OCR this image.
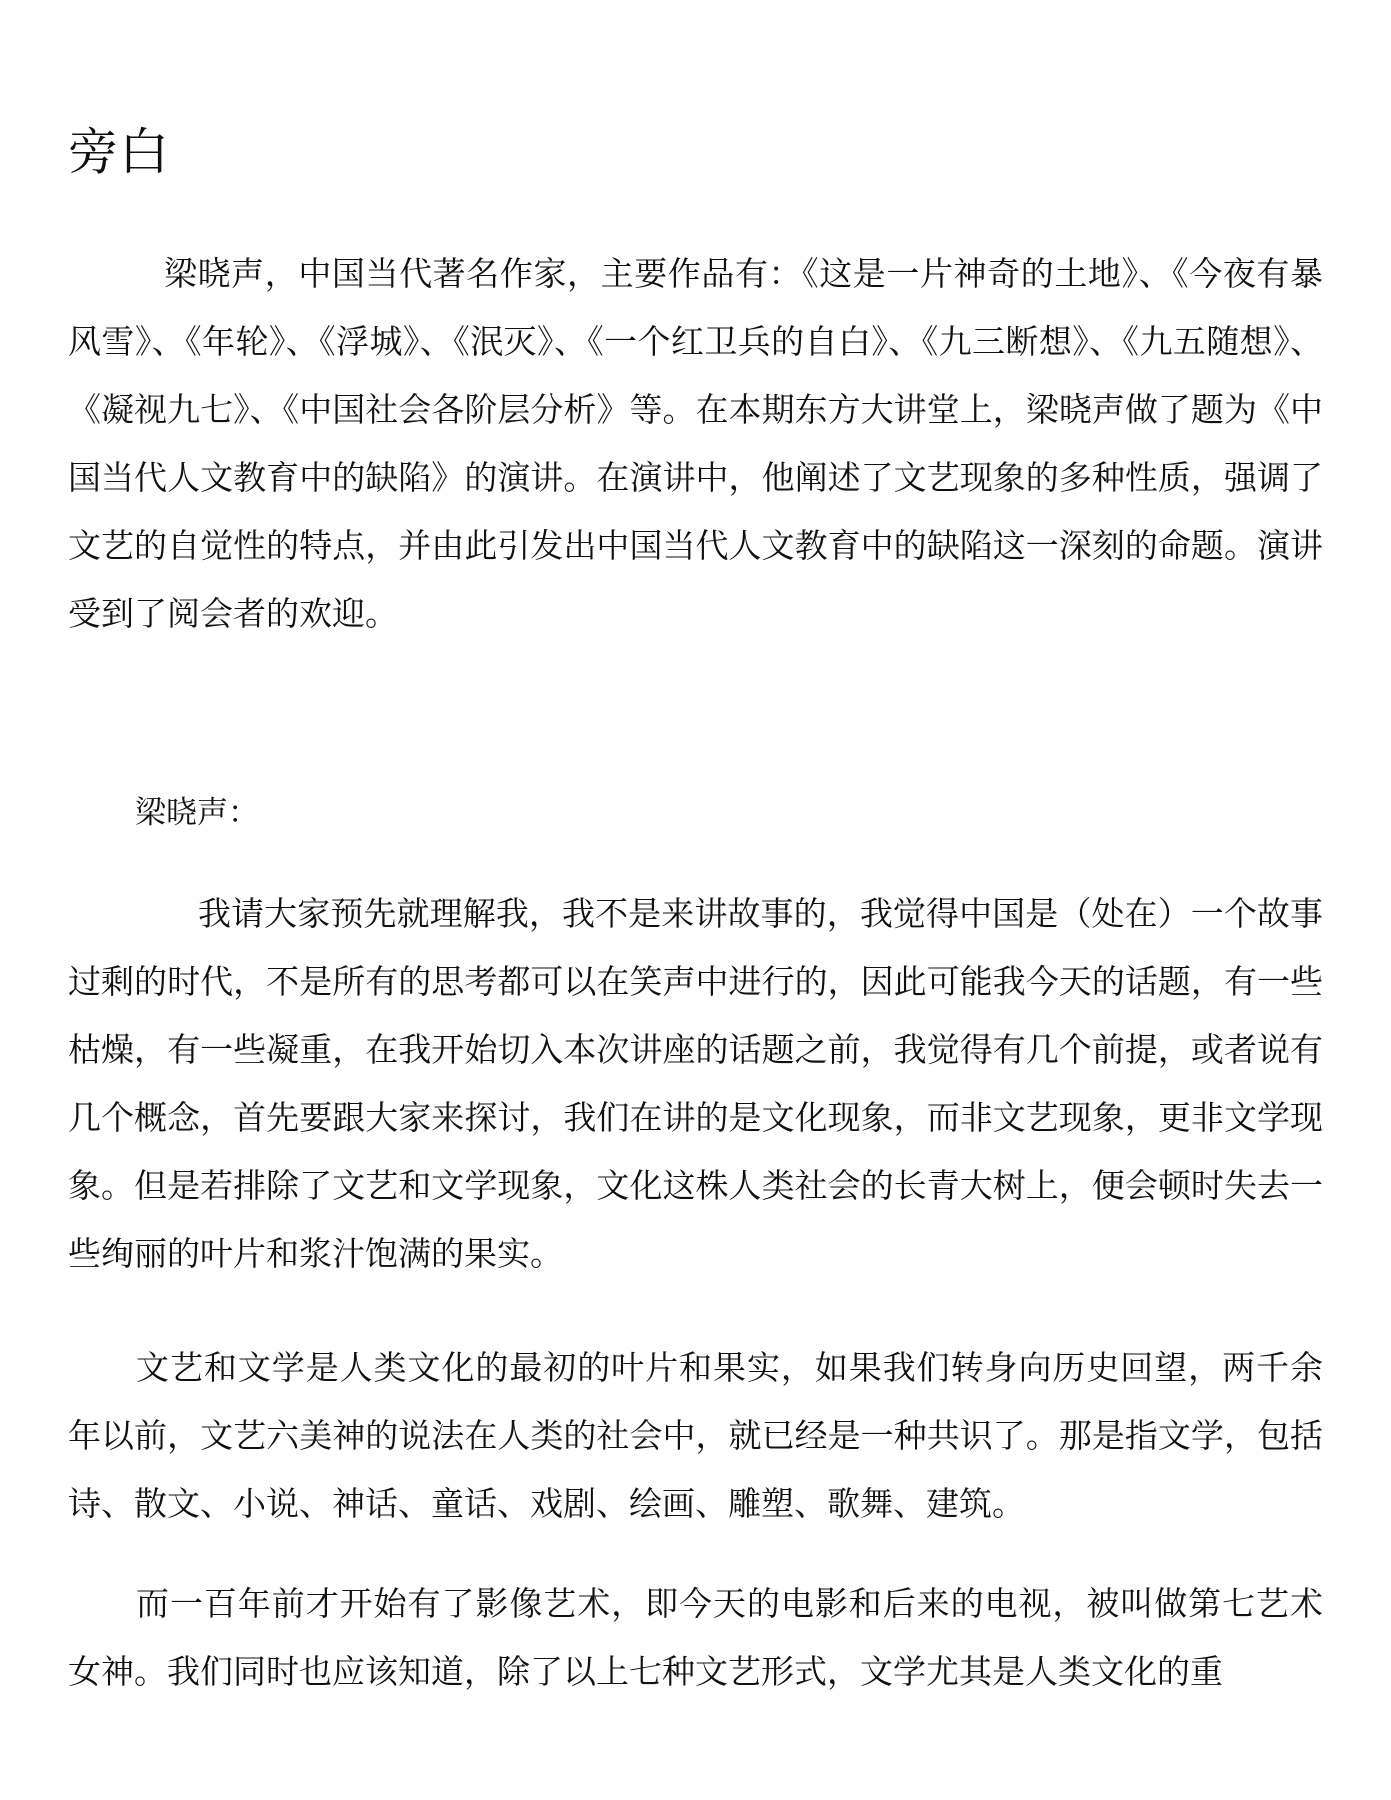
旁白

梁晓声，中国当代著名作家，主要作品有：《这是一片神奇的土地》、《今夜有暴风雪》、《年轮》、《浮城》、《泯灭》、《一个红卫兵的自白》、《九三断想》、《九五随想》、《凝视九七》、《中国社会各阶层分析》等。在本期东方大讲堂上，梁晓声做了题为《中国当代人文教育中的缺陷》的演讲。在演讲中，他阐述了文艺现象的多种性质，强调了文艺的自觉性的特点，并由此引发出中国当代人文教育中的缺陷这一深刻的命题。演讲受到了阅会者的欢迎。

梁晓声：

我请大家预先就理解我，我不是来讲故事的，我觉得中国是（处在）一个故事过剩的时代，不是所有的思考都可以在笑声中进行的，因此可能我今天的话题，有一些枯燥，有一些凝重，在我开始切入本次讲座的话题之前，我觉得有几个前提，或者说有几个概念，首先要跟大家来探讨，我们在讲的是文化现象，而非文艺现象，更非文学现象。但是若排除了文艺和文学现象，文化这株人类社会的长青大树上，便会顿时失去一些绚丽的叶片和浆汁饱满的果实。

文艺和文学是人类文化的最初的叶片和果实，如果我们转身向历史回望，两千余年以前，文艺六美神的说法在人类的社会中，就已经是一种共识了。那是指文学，包括诗、散文、小说、神话、童话、戏剧、绘画、雕塑、歌舞、建筑。

而一百年前才开始有了影像艺术，即今天的电影和后来的电视，被叫做第七艺术女神。我们同时也应该知道，除了以上七种文艺形式，文学尤其是人类文化的重
